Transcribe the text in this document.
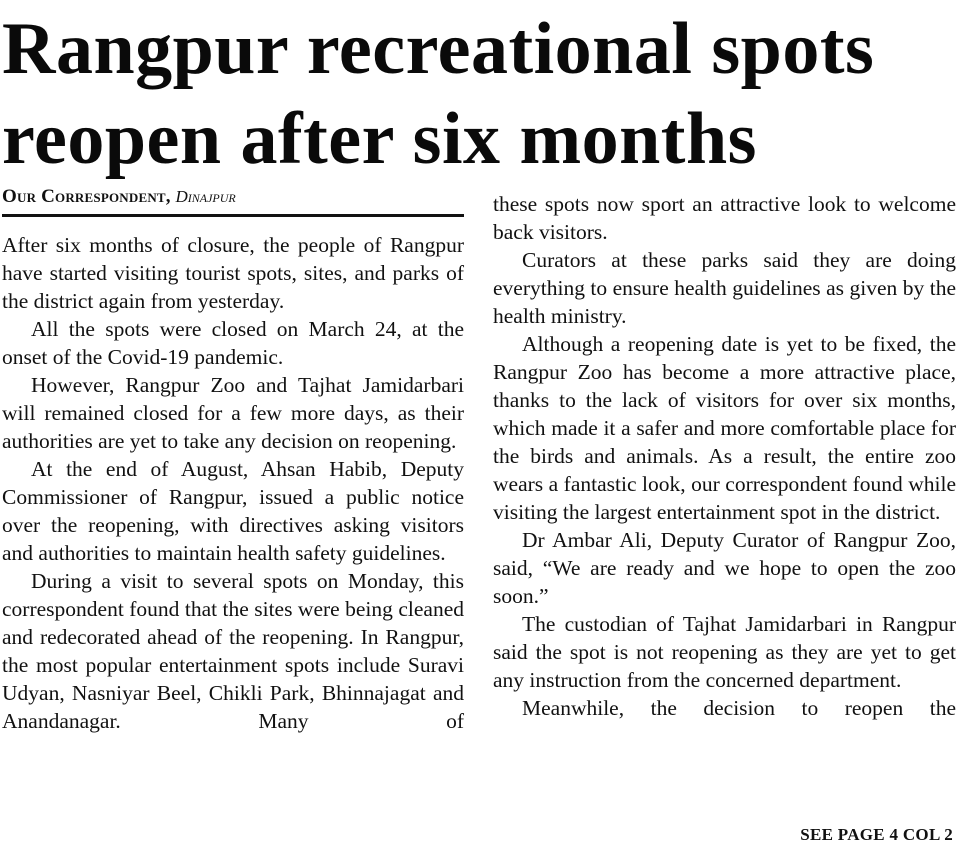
Rangpur recreational spots reopen after six months
Our Correspondent, Dinajpur

After six months of closure, the people of Rangpur have started visiting tourist spots, sites, and parks of the district again from yesterday.

All the spots were closed on March 24, at the onset of the Covid-19 pandemic.

However, Rangpur Zoo and Tajhat Jamidarbari will remained closed for a few more days, as their authorities are yet to take any decision on reopening.

At the end of August, Ahsan Habib, Deputy Commissioner of Rangpur, issued a public notice over the reopening, with directives asking visitors and authorities to maintain health safety guidelines.

During a visit to several spots on Monday, this correspondent found that the sites were being cleaned and redecorated ahead of the reopening. In Rangpur, the most popular entertainment spots include Suravi Udyan, Nasniyar Beel, Chikli Park, Bhinnajagat and Anandanagar. Many of

these spots now sport an attractive look to welcome back visitors.

Curators at these parks said they are doing everything to ensure health guidelines as given by the health ministry.

Although a reopening date is yet to be fixed, the Rangpur Zoo has become a more attractive place, thanks to the lack of visitors for over six months, which made it a safer and more comfortable place for the birds and animals. As a result, the entire zoo wears a fantastic look, our correspondent found while visiting the largest entertainment spot in the district.

Dr Ambar Ali, Deputy Curator of Rangpur Zoo, said, “We are ready and we hope to open the zoo soon.”

The custodian of Tajhat Jamidarbari in Rangpur said the spot is not reopening as they are yet to get any instruction from the concerned department.

Meanwhile, the decision to reopen the

SEE PAGE 4 COL 2
